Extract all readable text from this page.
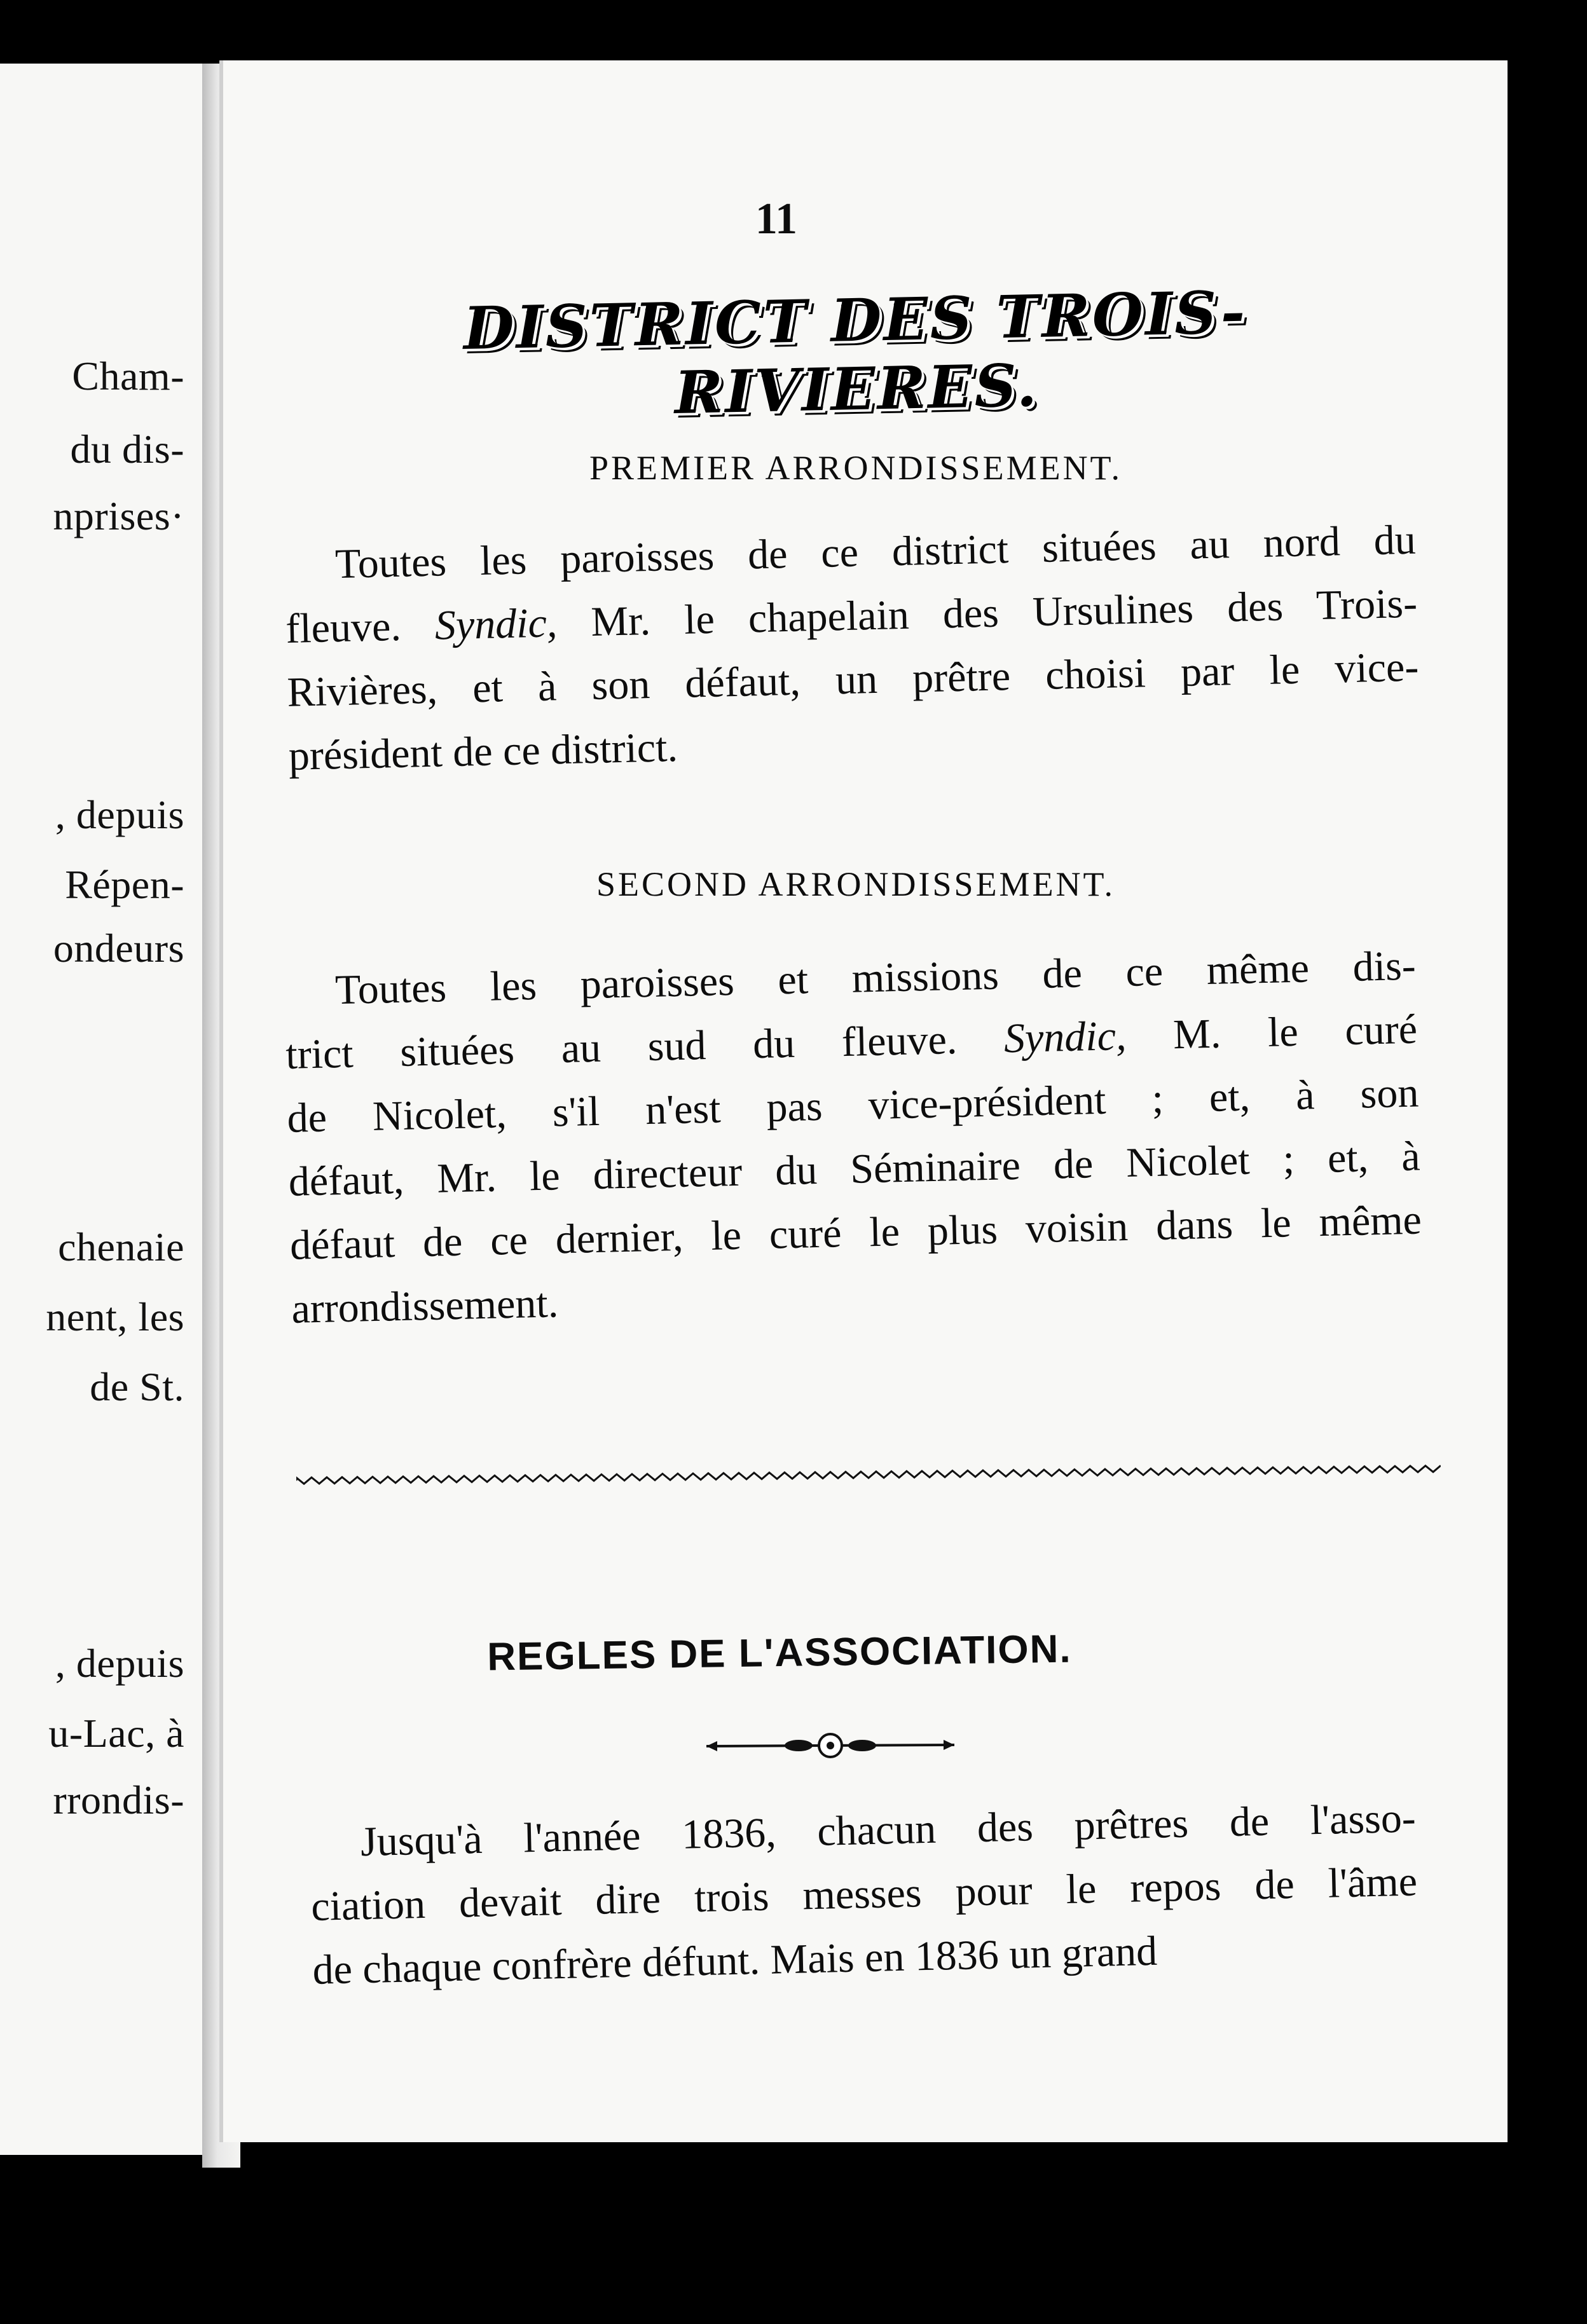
Cham-
du dis-
nprises·
, depuis
Répen-
ondeurs
chenaie
nent, les
de St.
, depuis
u-Lac, à
rrondis-
11
DISTRICT DES TROIS-RIVIERES.
PREMIER ARRONDISSEMENT.
Toutes les paroisses de ce district situées au nord du
fleuve. Syndic, Mr. le chapelain des Ursulines des Trois-
Rivières, et à son défaut, un prêtre choisi par le vice-
président de ce district.
SECOND ARRONDISSEMENT.
Toutes les paroisses et missions de ce même dis-
trict situées au sud du fleuve. Syndic, M. le curé
de Nicolet, s'il n'est pas vice-président ; et, à son
défaut, Mr. le directeur du Séminaire de Nicolet ; et, à
défaut de ce dernier, le curé le plus voisin dans le même
arrondissement.
REGLES DE L'ASSOCIATION.
Jusqu'à l'année 1836, chacun des prêtres de l'asso-
ciation devait dire trois messes pour le repos de l'âme
de chaque confrère défunt. Mais en 1836 un grand
